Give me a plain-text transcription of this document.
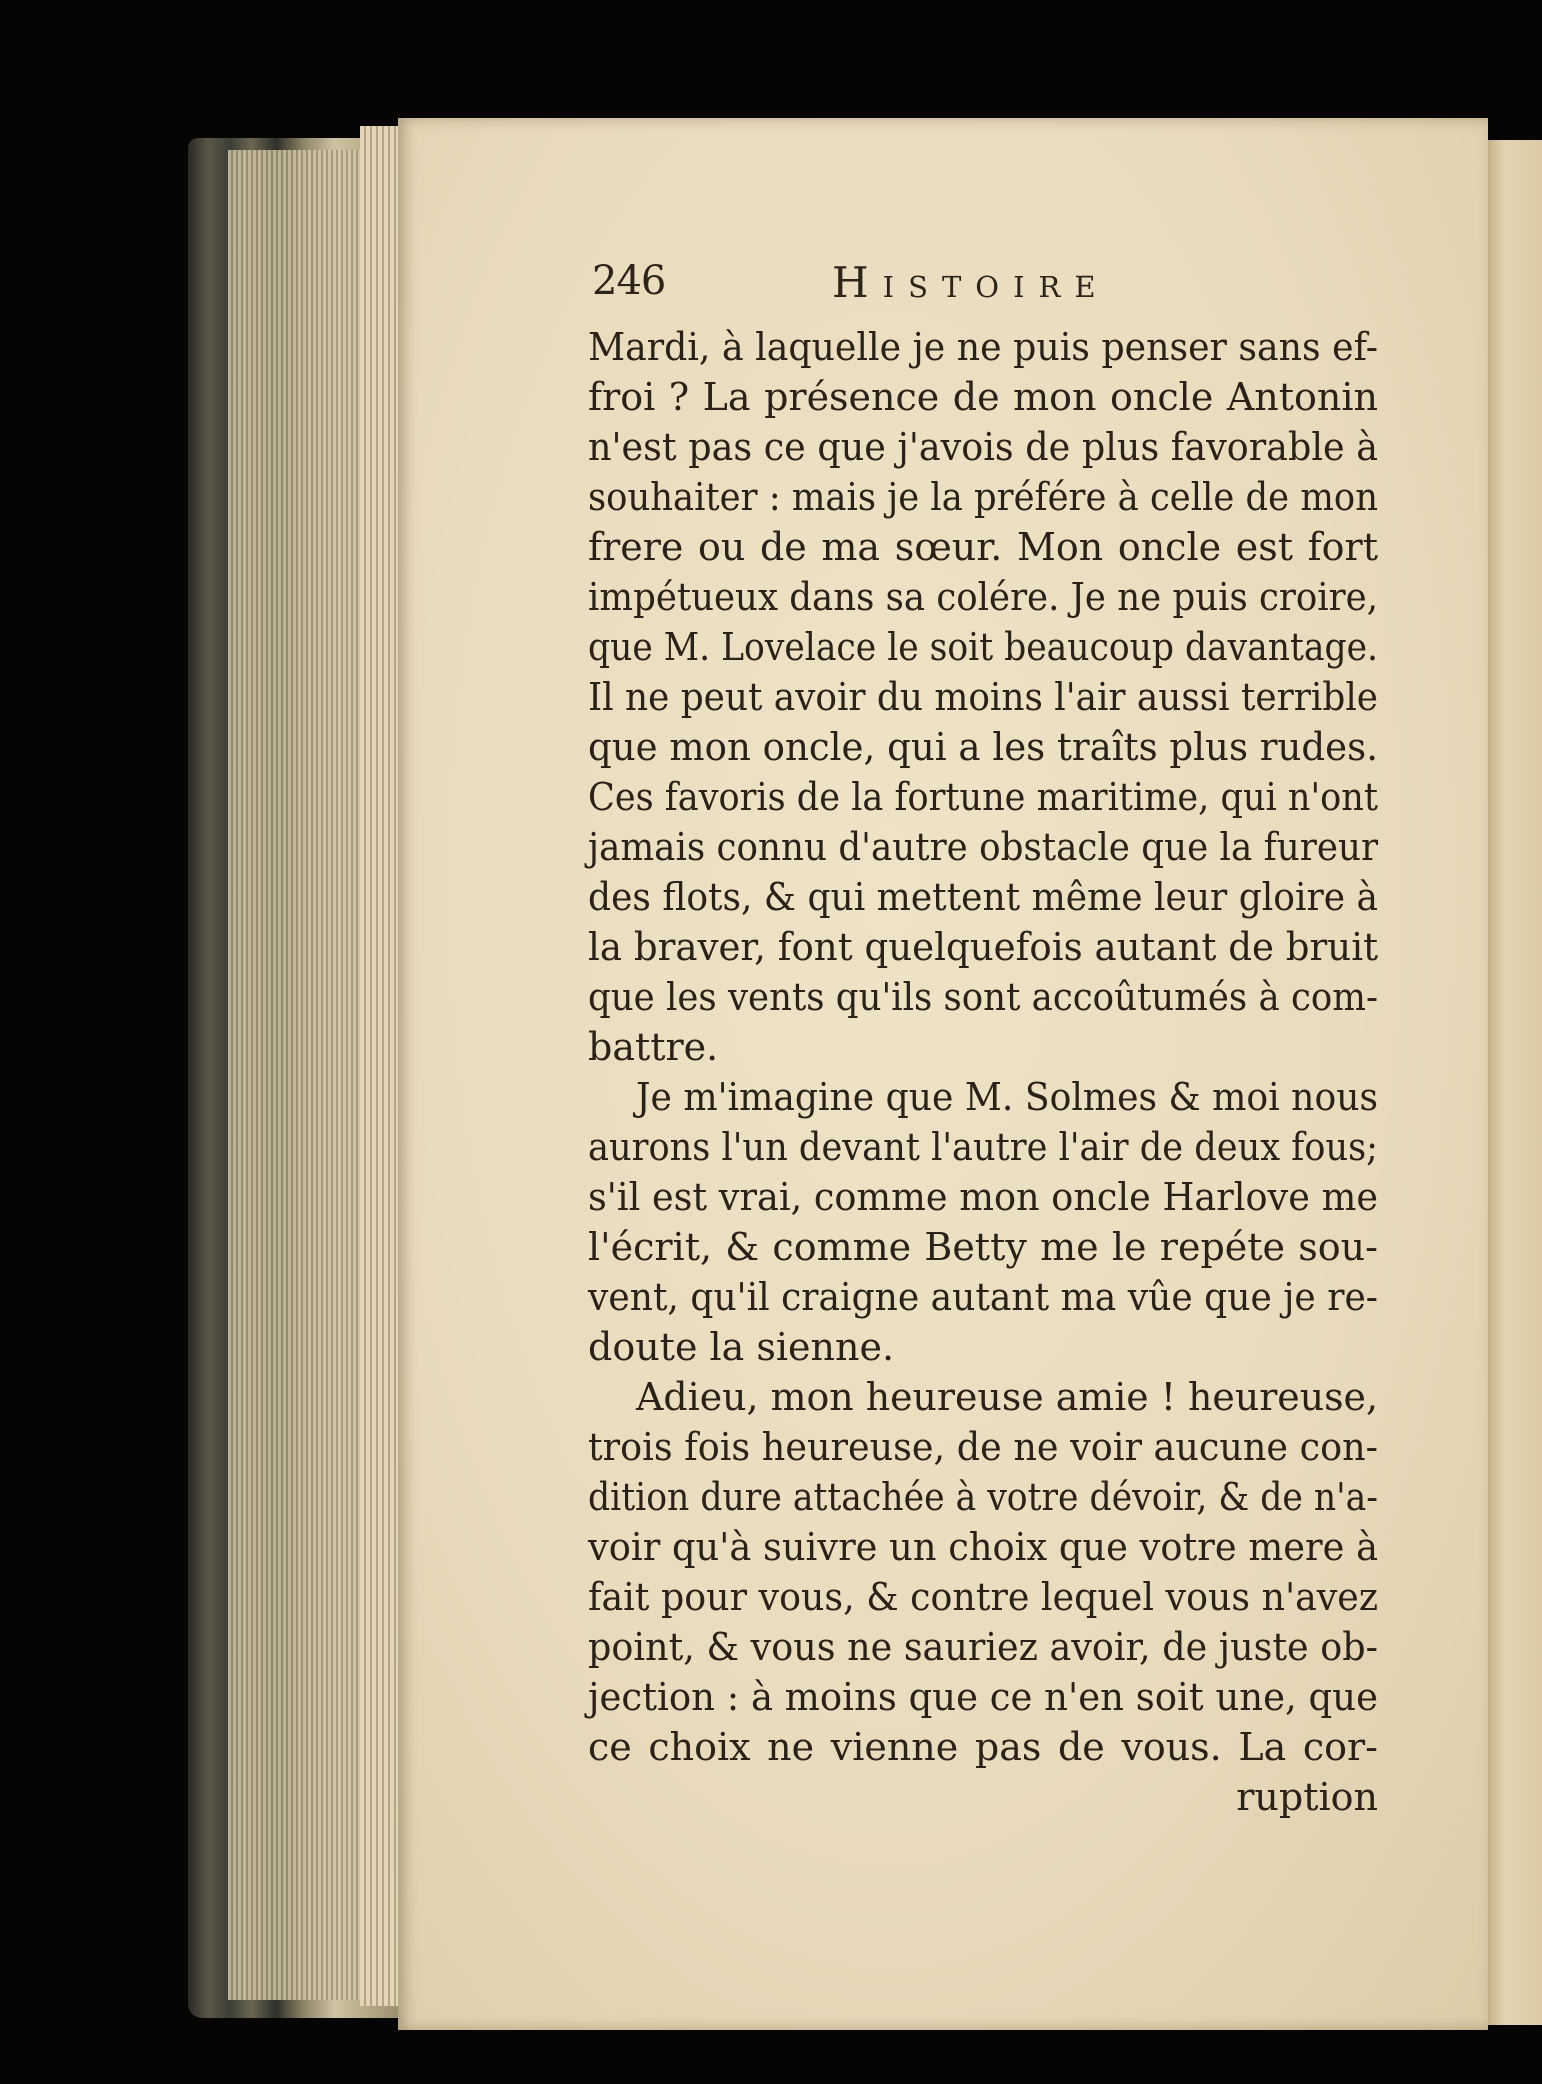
246	Histoire
Mardi, à laquelle je ne puis penser sans ef-
froi ? La présence de mon oncle Antonin
n'est pas ce que j'avois de plus favorable à
souhaiter : mais je la préfére à celle de mon
frere ou de ma sœur. Mon oncle est fort
impétueux dans sa colére. Je ne puis croire,
que M. Lovelace le soit beaucoup davantage.
Il ne peut avoir du moins l'air aussi terrible
que mon oncle, qui a les traîts plus rudes.
Ces favoris de la fortune maritime, qui n'ont
jamais connu d'autre obstacle que la fureur
des flots, & qui mettent même leur gloire à
la braver, font quelquefois autant de bruit
que les vents qu'ils sont accoûtumés à com-
battre.
Je m'imagine que M. Solmes & moi nous
aurons l'un devant l'autre l'air de deux fous;
s'il est vrai, comme mon oncle Harlove me
l'écrit, & comme Betty me le repéte sou-
vent, qu'il craigne autant ma vûe que je re-
doute la sienne.
Adieu, mon heureuse amie ! heureuse,
trois fois heureuse, de ne voir aucune con-
dition dure attachée à votre dévoir, & de n'a-
voir qu'à suivre un choix que votre mere à
fait pour vous, & contre lequel vous n'avez
point, & vous ne sauriez avoir, de juste ob-
jection : à moins que ce n'en soit une, que
ce choix ne vienne pas de vous. La cor-
ruption
